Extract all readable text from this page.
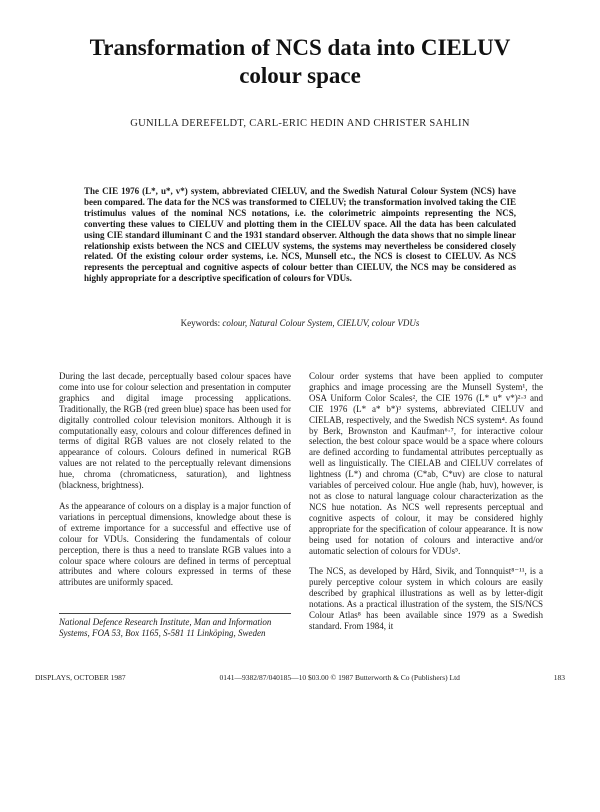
Transformation of NCS data into CIELUV
colour space

GUNILLA DEREFELDT, CARL-ERIC HEDIN AND CHRISTER SAHLIN

The CIE 1976 (L*, u*, v*) system, abbreviated CIELUV, and the Swedish Natural Colour System (NCS) have been compared. The data for the NCS was transformed to CIELUV; the transformation involved taking the CIE tristimulus values of the nominal NCS notations, i.e. the colorimetric aimpoints representing the NCS, converting these values to CIELUV and plotting them in the CIELUV space. All the data has been calculated using CIE standard illuminant C and the 1931 standard observer. Although the data shows that no simple linear relationship exists between the NCS and CIELUV systems, the systems may nevertheless be considered closely related. Of the existing colour order systems, i.e. NCS, Munsell etc., the NCS is closest to CIELUV. As NCS represents the perceptual and cognitive aspects of colour better than CIELUV, the NCS may be considered as highly appropriate for a descriptive specification of colours for VDUs.

Keywords: colour, Natural Colour System, CIELUV, colour VDUs

During the last decade, perceptually based colour spaces have come into use for colour selection and presentation in computer graphics and digital image processing applications. Traditionally, the RGB (red green blue) space has been used for digitally controlled colour television monitors. Although it is computationally easy, colours and colour differences defined in terms of digital RGB values are not closely related to the appearance of colours. Colours defined in numerical RGB values are not related to the perceptually relevant dimensions hue, chroma (chromaticness, saturation), and lightness (blackness, brightness).

As the appearance of colours on a display is a major function of variations in perceptual dimensions, knowledge about these is of extreme importance for a successful and effective use of colour for VDUs. Considering the fundamentals of colour perception, there is thus a need to translate RGB values into a colour space where colours are defined in terms of perceptual attributes and where colours expressed in terms of these attributes are uniformly spaced.

National Defence Research Institute, Man and Information Systems, FOA 53, Box 1165, S-581 11 Linköping, Sweden

Colour order systems that have been applied to computer graphics and image processing are the Munsell System¹, the OSA Uniform Color Scales², the CIE 1976 (L* u* v*)²·³ and CIE 1976 (L* a* b*)³ systems, abbreviated CIELUV and CIELAB, respectively, and the Swedish NCS system⁴. As found by Berk, Brownston and Kaufman⁶·⁷, for interactive colour selection, the best colour space would be a space where colours are defined according to fundamental attributes perceptually as well as linguistically. The CIELAB and CIELUV correlates of lightness (L*) and chroma (C*ab, C*uv) are close to natural variables of perceived colour. Hue angle (hab, huv), however, is not as close to natural language colour characterization as the NCS hue notation. As NCS well represents perceptual and cognitive aspects of colour, it may be considered highly appropriate for the specification of colour appearance. It is now being used for notation of colours and interactive and/or automatic selection of colours for VDUs⁵.

The NCS, as developed by Hård, Sivik, and Tonnquist⁸⁻¹¹, is a purely perceptive colour system in which colours are easily described by graphical illustrations as well as by letter-digit notations. As a practical illustration of the system, the SIS/NCS Colour Atlas⁸ has been available since 1979 as a Swedish standard. From 1984, it

DISPLAYS, OCTOBER 1987	0141—9382/87/040185—10 $03.00 © 1987 Butterworth & Co (Publishers) Ltd	183
